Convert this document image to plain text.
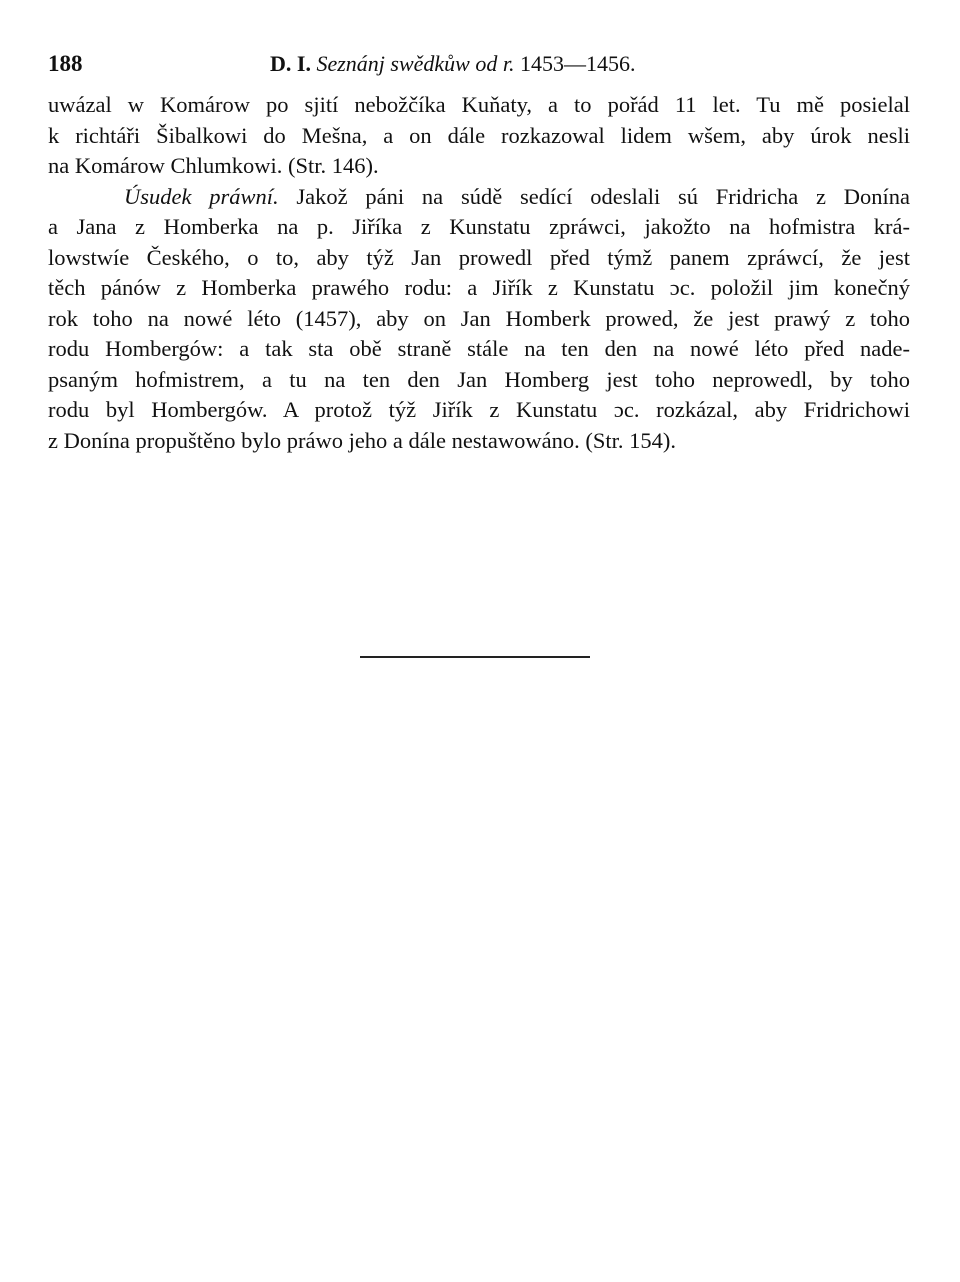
188	D. I. Seznánj swědkůw od r. 1453—1456.
uwázal w Komárow po sjití nebožčíka Kuňaty, a to pořád 11 let. Tu mě posielal
k richtáři Šibalkowi do Mešna, a on dále rozkazowal lidem wšem, aby úrok nesli
na Komárow Chlumkowi. (Str. 146).
Úsudek práwní. Jakož páni na súdě sedící odeslali sú Fridricha z Donína
a Jana z Homberka na p. Jiříka z Kunstatu zpráwci, jakožto na hofmistra krá-
lowstwíe Českého, o to, aby týž Jan prowedl před týmž panem zpráwcí, že jest
těch pánów z Homberka prawého rodu: a Jiřík z Kunstatu ɔc. položil jim konečný
rok toho na nowé léto (1457), aby on Jan Homberk prowed, že jest prawý z toho
rodu Hombergów: a tak sta obě straně stále na ten den na nowé léto před nade-
psaným hofmistrem, a tu na ten den Jan Homberg jest toho neprowedl, by toho
rodu byl Hombergów. A protož týž Jiřík z Kunstatu ɔc. rozkázal, aby Fridrichowi
z Donína propuštěno bylo práwo jeho a dále nestawowáno. (Str. 154).
